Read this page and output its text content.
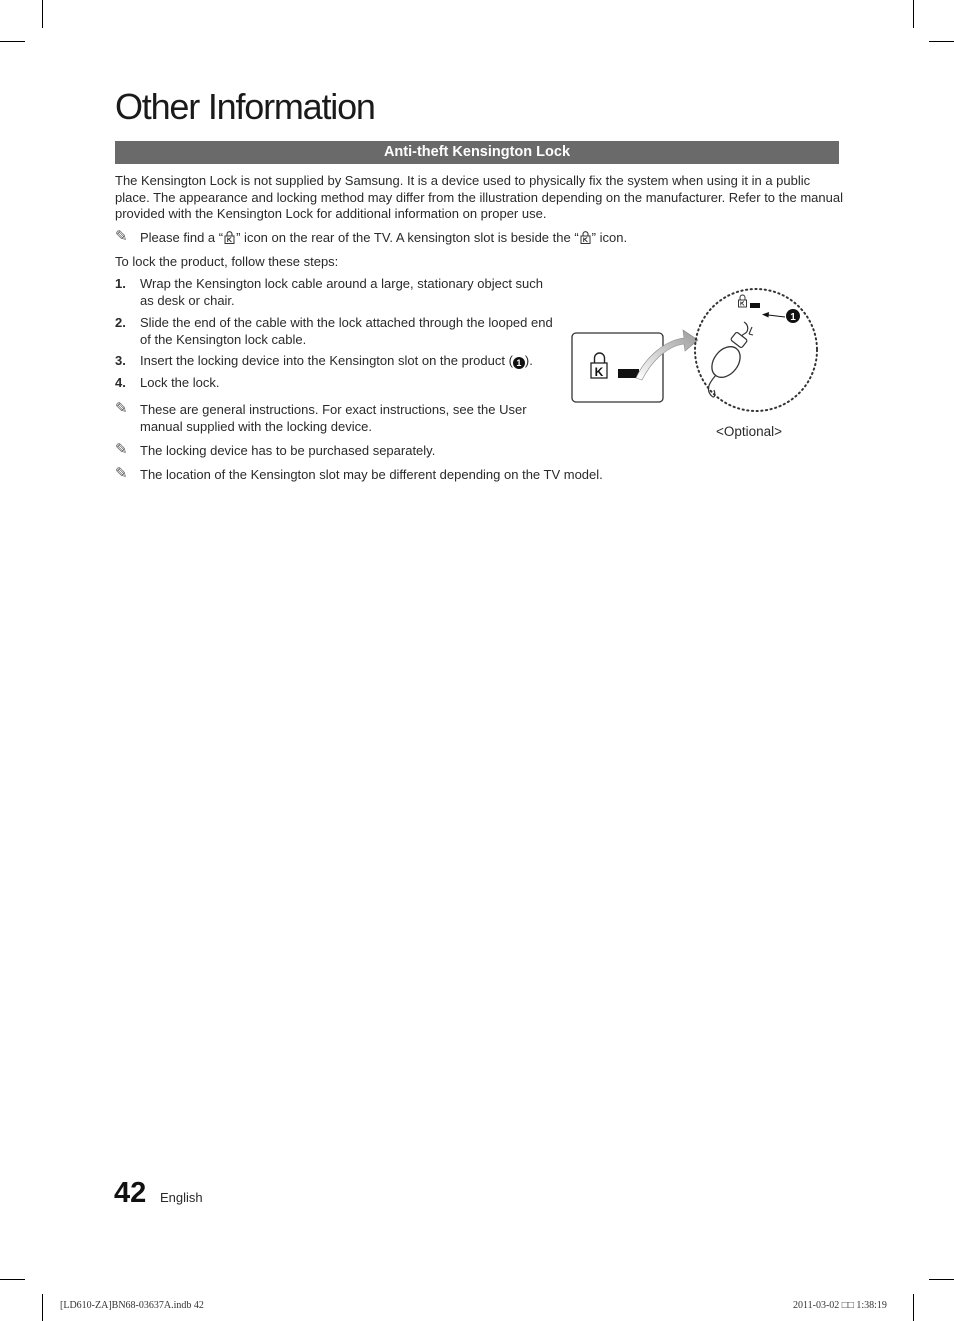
Other Information
Anti-theft Kensington Lock
The Kensington Lock is not supplied by Samsung. It is a device used to physically fix the system when using it in a public
place. The appearance and locking method may differ from the illustration depending on the manufacturer. Refer to the manual
provided with the Kensington Lock for additional information on proper use.
✎ Please find a “ ” icon on the rear of the TV. A kensington slot is beside the “ ” icon.
To lock the product, follow these steps:
1. Wrap the Kensington lock cable around a large, stationary object such
as desk or chair.
2. Slide the end of the cable with the lock attached through the looped end
of the Kensington lock cable.
3. Insert the locking device into the Kensington slot on the product ( 1 ).
4. Lock the lock.
✎ These are general instructions. For exact instructions, see the User
manual supplied with the locking device.
✎ The locking device has to be purchased separately.
✎ The location of the Kensington slot may be different depending on the TV model.
K
1
<Optional>
42 English
[LD610-ZA]BN68-03637A.indb 42	2011-03-02 □□ 1:38:19
